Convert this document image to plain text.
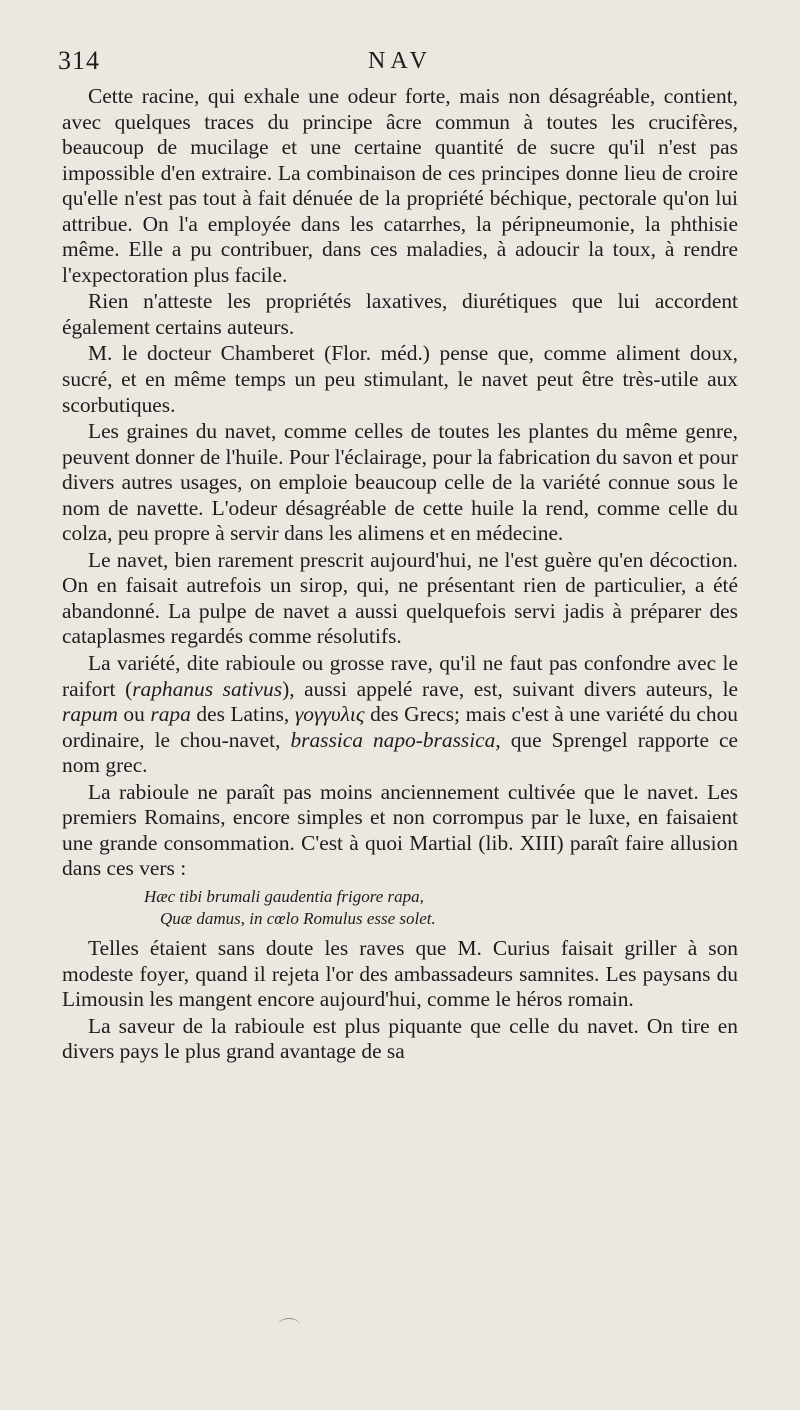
314	NAV

Cette racine, qui exhale une odeur forte, mais non désagréable, contient, avec quelques traces du principe âcre commun à toutes les crucifères, beaucoup de mucilage et une certaine quantité de sucre qu'il n'est pas impossible d'en extraire. La combinaison de ces principes donne lieu de croire qu'elle n'est pas tout à fait dénuée de la propriété béchique, pectorale qu'on lui attribue. On l'a employée dans les catarrhes, la péripneumonie, la phthisie même. Elle a pu contribuer, dans ces maladies, à adoucir la toux, à rendre l'expectoration plus facile.

Rien n'atteste les propriétés laxatives, diurétiques que lui accordent également certains auteurs.

M. le docteur Chamberet (Flor. méd.) pense que, comme aliment doux, sucré, et en même temps un peu stimulant, le navet peut être très-utile aux scorbutiques.

Les graines du navet, comme celles de toutes les plantes du même genre, peuvent donner de l'huile. Pour l'éclairage, pour la fabrication du savon et pour divers autres usages, on emploie beaucoup celle de la variété connue sous le nom de navette. L'odeur désagréable de cette huile la rend, comme celle du colza, peu propre à servir dans les alimens et en médecine.

Le navet, bien rarement prescrit aujourd'hui, ne l'est guère qu'en décoction. On en faisait autrefois un sirop, qui, ne présentant rien de particulier, a été abandonné. La pulpe de navet a aussi quelquefois servi jadis à préparer des cataplasmes regardés comme résolutifs.

La variété, dite rabioule ou grosse rave, qu'il ne faut pas confondre avec le raifort (raphanus sativus), aussi appelé rave, est, suivant divers auteurs, le rapum ou rapa des Latins, γογγυλις des Grecs; mais c'est à une variété du chou ordinaire, le chou-navet, brassica napo-brassica, que Sprengel rapporte ce nom grec.

La rabioule ne paraît pas moins anciennement cultivée que le navet. Les premiers Romains, encore simples et non corrompus par le luxe, en faisaient une grande consommation. C'est à quoi Martial (lib. XIII) paraît faire allusion dans ces vers :

Hæc tibi brumali gaudentia frigore rapa,
Quæ damus, in cœlo Romulus esse solet.

Telles étaient sans doute les raves que M. Curius faisait griller à son modeste foyer, quand il rejeta l'or des ambassadeurs samnites. Les paysans du Limousin les mangent encore aujourd'hui, comme le héros romain.

La saveur de la rabioule est plus piquante que celle du navet. On tire en divers pays le plus grand avantage de sa
